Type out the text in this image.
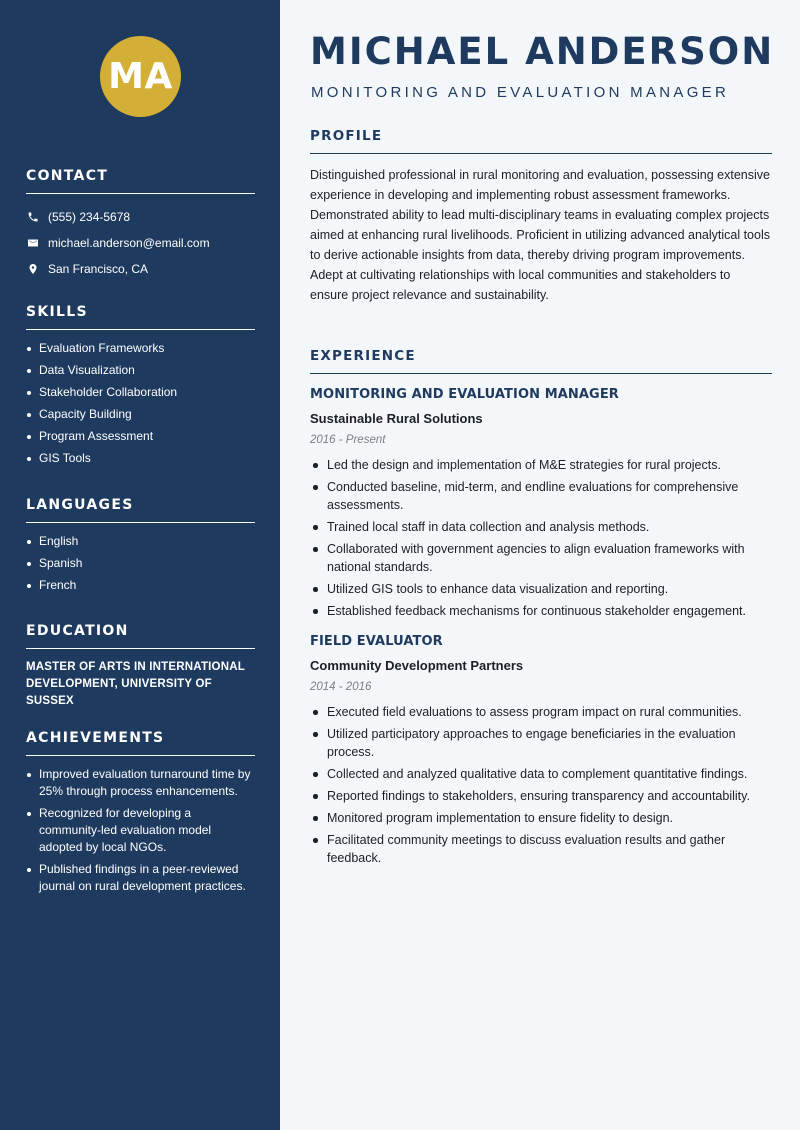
MA
CONTACT
(555) 234-5678
michael.anderson@email.com
San Francisco, CA
SKILLS
Evaluation Frameworks
Data Visualization
Stakeholder Collaboration
Capacity Building
Program Assessment
GIS Tools
LANGUAGES
English
Spanish
French
EDUCATION
MASTER OF ARTS IN INTERNATIONAL DEVELOPMENT, UNIVERSITY OF SUSSEX
ACHIEVEMENTS
Improved evaluation turnaround time by 25% through process enhancements.
Recognized for developing a community-led evaluation model adopted by local NGOs.
Published findings in a peer-reviewed journal on rural development practices.
MICHAEL ANDERSON
MONITORING AND EVALUATION MANAGER
PROFILE

Distinguished professional in rural monitoring and evaluation, possessing extensive experience in developing and implementing robust assessment frameworks. Demonstrated ability to lead multi-disciplinary teams in evaluating complex projects aimed at enhancing rural livelihoods. Proficient in utilizing advanced analytical tools to derive actionable insights from data, thereby driving program improvements. Adept at cultivating relationships with local communities and stakeholders to ensure project relevance and sustainability.

EXPERIENCE
MONITORING AND EVALUATION MANAGER
Sustainable Rural Solutions
2016 - Present
Led the design and implementation of M&E strategies for rural projects.
Conducted baseline, mid-term, and endline evaluations for comprehensive assessments.
Trained local staff in data collection and analysis methods.
Collaborated with government agencies to align evaluation frameworks with national standards.
Utilized GIS tools to enhance data visualization and reporting.
Established feedback mechanisms for continuous stakeholder engagement.
FIELD EVALUATOR
Community Development Partners
2014 - 2016
Executed field evaluations to assess program impact on rural communities.
Utilized participatory approaches to engage beneficiaries in the evaluation process.
Collected and analyzed qualitative data to complement quantitative findings.
Reported findings to stakeholders, ensuring transparency and accountability.
Monitored program implementation to ensure fidelity to design.
Facilitated community meetings to discuss evaluation results and gather feedback.
